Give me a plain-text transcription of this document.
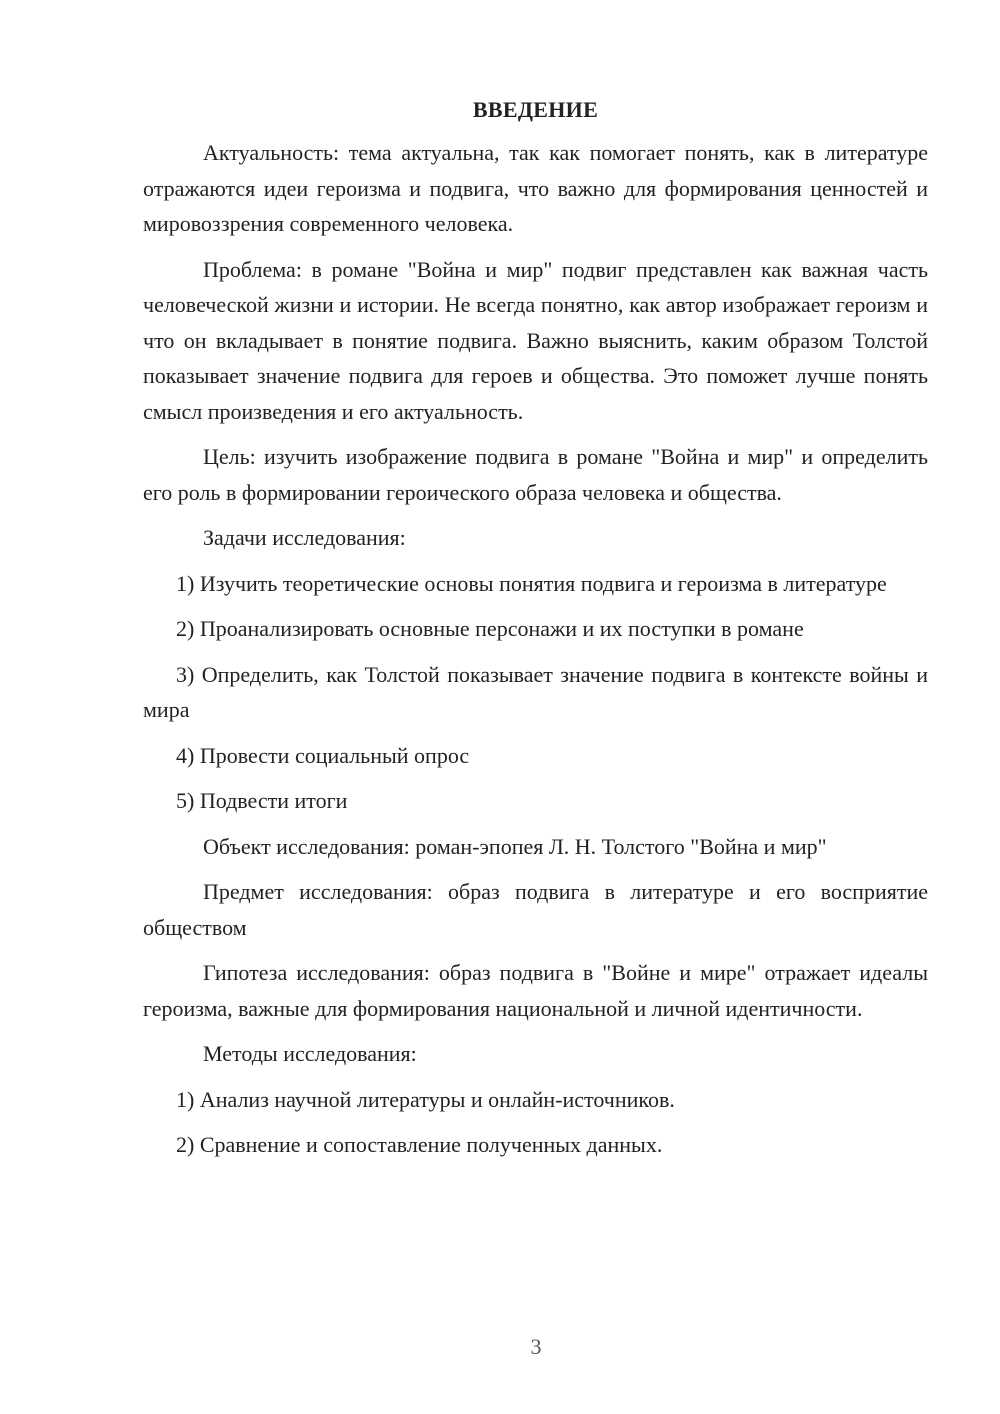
ВВЕДЕНИЕ

Актуальность: тема актуальна, так как помогает понять, как в литературе отражаются идеи героизма и подвига, что важно для формирования ценностей и мировоззрения современного человека.

Проблема: в романе "Война и мир" подвиг представлен как важная часть человеческой жизни и истории. Не всегда понятно, как автор изображает героизм и что он вкладывает в понятие подвига. Важно выяснить, каким образом Толстой показывает значение подвига для героев и общества. Это поможет лучше понять смысл произведения и его актуальность.

Цель: изучить изображение подвига в романе "Война и мир" и определить его роль в формировании героического образа человека и общества.

Задачи исследования:

1) Изучить теоретические основы понятия подвига и героизма в литературе

2) Проанализировать основные персонажи и их поступки в романе

3) Определить, как Толстой показывает значение подвига в контексте войны и мира

4) Провести социальный опрос

5) Подвести итоги

Объект исследования: роман-эпопея Л. Н. Толстого "Война и мир"

Предмет исследования: образ подвига в литературе и его восприятие обществом

Гипотеза исследования: образ подвига в "Войне и мире" отражает идеалы героизма, важные для формирования национальной и личной идентичности.

Методы исследования:

1) Анализ научной литературы и онлайн-источников.

2) Сравнение и сопоставление полученных данных.

3
